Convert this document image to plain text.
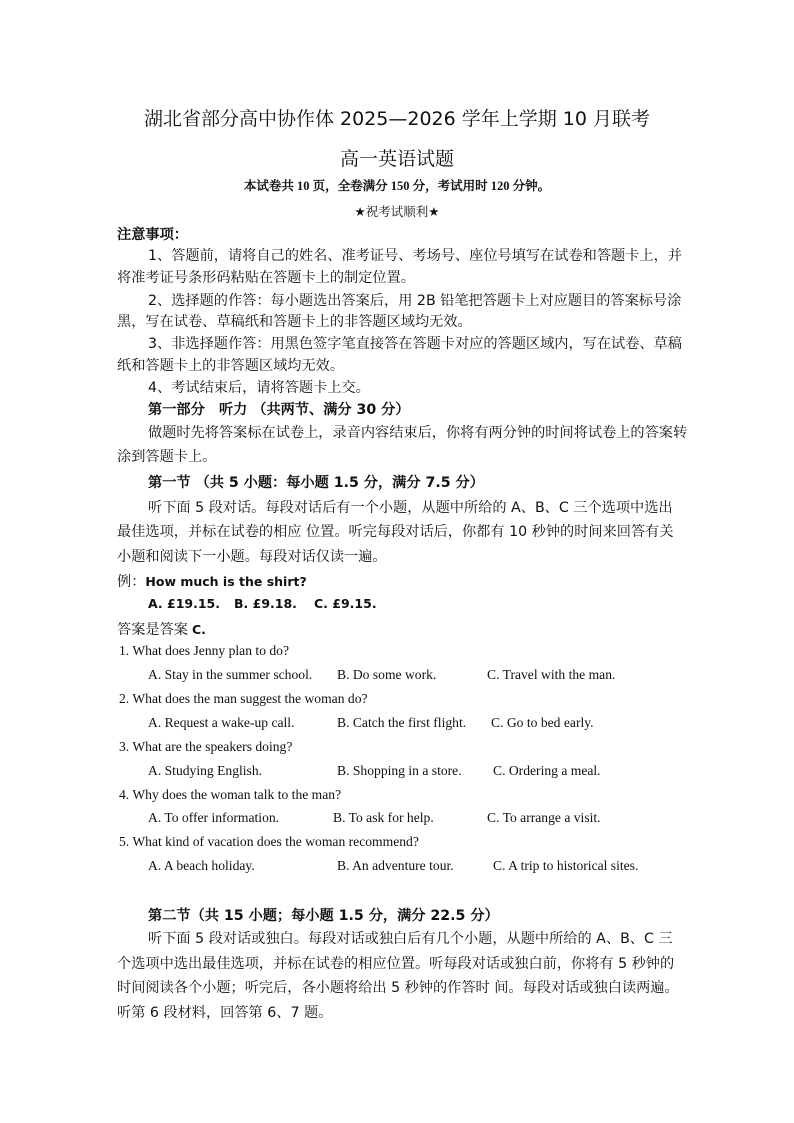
湖北省部分高中协作体 2025—2026 学年上学期 10 月联考
高一英语试题
本试卷共 10 页，全卷满分 150 分，考试用时 120 分钟。
★祝考试顺利★
注意事项：
1、答题前，请将自己的姓名、准考证号、考场号、座位号填写在试卷和答题卡上，并
将准考证号条形码粘贴在答题卡上的制定位置。
2、选择题的作答：每小题选出答案后，用 2B 铅笔把答题卡上对应题目的答案标号涂
黑，写在试卷、草稿纸和答题卡上的非答题区域均无效。
3、非选择题作答：用黑色签字笔直接答在答题卡对应的答题区域内，写在试卷、草稿
纸和答题卡上的非答题区域均无效。
4、考试结束后，请将答题卡上交。
第一部分　听力 （共两节、满分 30 分）
做题时先将答案标在试卷上，录音内容结束后，你将有两分钟的时间将试卷上的答案转
涂到答题卡上。
第一节 （共 5 小题：每小题 1.5 分，满分 7.5 分）
听下面 5 段对话。每段对话后有一个小题，从题中所给的 A、B、C 三个选项中选出
最佳选项，并标在试卷的相应 位置。听完每段对话后，你都有 10 秒钟的时间来回答有关
小题和阅读下一小题。每段对话仅读一遍。
例：How much is the shirt?
A. £19.15. B. £9.18. C. £9.15.
答案是答案 C.
1. What does Jenny plan to do?
A. Stay in the summer school. B. Do some work.	C. Travel with the man.
2. What does the man suggest the woman do?
A. Request a wake-up call.	B. Catch the first flight. C. Go to bed early.
3. What are the speakers doing?
A. Studying English.	B. Shopping in a store. C. Ordering a meal.
4. Why does the woman talk to the man?
A. To offer information.	B. To ask for help.	C. To arrange a visit.
5. What kind of vacation does the woman recommend?
A. A beach holiday.	B. An adventure tour.	C. A trip to historical sites.
第二节（共 15 小题；每小题 1.5 分，满分 22.5 分）
听下面 5 段对话或独白。每段对话或独白后有几个小题，从题中所给的 A、B、C 三
个选项中选出最佳选项，并标在试卷的相应位置。听每段对话或独白前，你将有 5 秒钟的
时间阅读各个小题；听完后，各小题将给出 5 秒钟的作答时 间。每段对话或独白读两遍。
听第 6 段材料，回答第 6、7 题。
